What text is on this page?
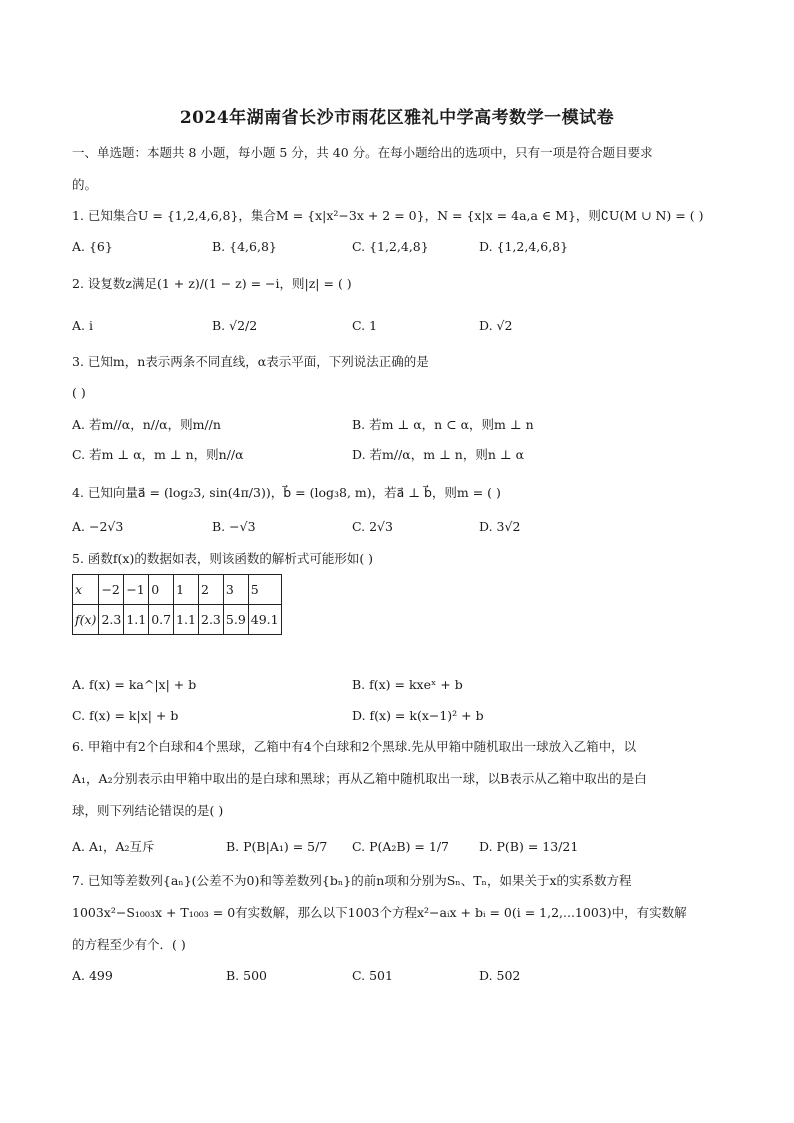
2024年湖南省长沙市雨花区雅礼中学高考数学一模试卷
一、单选题：本题共 8 小题，每小题 5 分，共 40 分。在每小题给出的选项中，只有一项是符合题目要求
的。
1. 已知集合U = {1,2,4,6,8}，集合M = {x|x²−3x + 2 = 0}，N = {x|x = 4a,a ∈ M}，则∁U(M ∪ N) = ( )
A. {6}	B. {4,6,8}	C. {1,2,4,8}	D. {1,2,4,6,8}
2. 设复数z满足(1 + z)/(1 − z) = −i，则|z| = ( )
A. i	B. √2/2	C. 1	D. √2
3. 已知m，n表示两条不同直线，α表示平面，下列说法正确的是
( )
A. 若m//α，n//α，则m//n	B. 若m ⊥ α，n ⊂ α，则m ⊥ n
C. 若m ⊥ α，m ⊥ n，则n//α	D. 若m//α，m ⊥ n，则n ⊥ α
4. 已知向量a⃗ = (log₂3, sin(4π/3))，b⃗ = (log₃8, m)，若a⃗ ⊥ b⃗，则m = ( )
A. −2√3	B. −√3	C. 2√3	D. 3√2
5. 函数f(x)的数据如表，则该函数的解析式可能形如( )
x	−2	−1	0	1	2	3	5
f(x)	2.3	1.1	0.7	1.1	2.3	5.9	49.1
A. f(x) = ka^|x| + b	B. f(x) = kxeˣ + b
C. f(x) = k|x| + b	D. f(x) = k(x−1)² + b
6. 甲箱中有2个白球和4个黑球，乙箱中有4个白球和2个黑球.先从甲箱中随机取出一球放入乙箱中，以
A₁，A₂分别表示由甲箱中取出的是白球和黑球；再从乙箱中随机取出一球，以B表示从乙箱中取出的是白
球，则下列结论错误的是( )
A. A₁，A₂互斥	B. P(B|A₁) = 5/7 C. P(A₂B) = 1/7 D. P(B) = 13/21
7. 已知等差数列{aₙ}(公差不为0)和等差数列{bₙ}的前n项和分别为Sₙ、Tₙ，如果关于x的实系数方程
1003x²−S₁₀₀₃x + T₁₀₀₃ = 0有实数解，那么以下1003个方程x²−aᵢx + bᵢ = 0(i = 1,2,...1003)中，有实数解
的方程至少有个．( )
A. 499	B. 500	C. 501	D. 502
